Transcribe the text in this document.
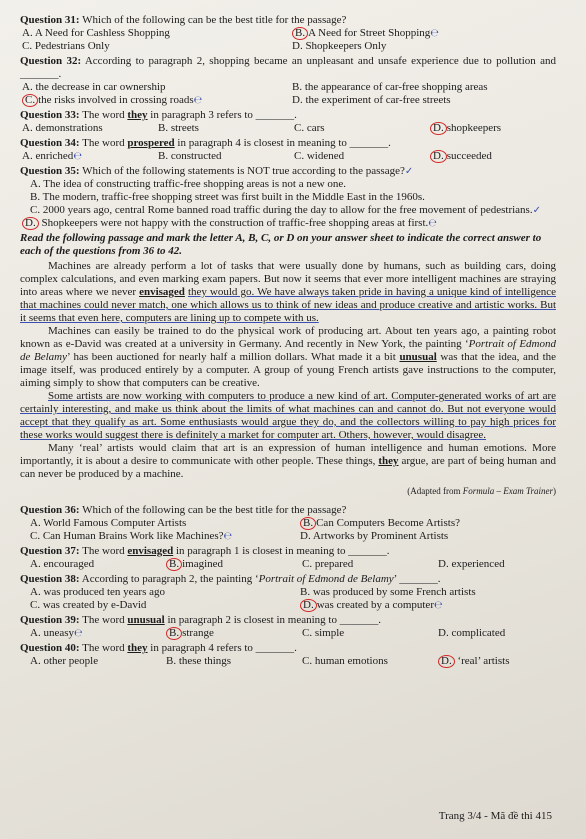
Question 31: Which of the following can be the best title for the passage?
A. A Need for Cashless Shopping	B. A Need for Street Shopping℮
C. Pedestrians Only	D. Shopkeepers Only
Question 32: According to paragraph 2, shopping became an unpleasant and unsafe experience due to pollution and _______.
A. the decrease in car ownership	B. the appearance of car-free shopping areas
C. the risks involved in crossing roads℮	D. the experiment of car-free streets
Question 33: The word they in paragraph 3 refers to _______.
A. demonstrations	B. streets	C. cars	D. shopkeepers
Question 34: The word prospered in paragraph 4 is closest in meaning to _______.
A. enriched℮	B. constructed	C. widened	D. succeeded
Question 35: Which of the following statements is NOT true according to the passage?✓
A. The idea of constructing traffic-free shopping areas is not a new one.
B. The modern, traffic-free shopping street was first built in the Middle East in the 1960s.
C. 2000 years ago, central Rome banned road traffic during the day to allow for the free movement of pedestrians.✓
D. Shopkeepers were not happy with the construction of traffic-free shopping areas at first.℮
Read the following passage and mark the letter A, B, C, or D on your answer sheet to indicate the correct answer to each of the questions from 36 to 42.

Machines are already perform a lot of tasks that were usually done by humans, such as building cars, doing complex calculations, and even marking exam papers. But now it seems that ever more intelligent machines are straying into areas where we never envisaged they would go. We have always taken pride in having a unique kind of intelligence that machines could never match, one which allows us to think of new ideas and produce creative and artistic works. But it seems that even here, computers are lining up to compete with us.

Machines can easily be trained to do the physical work of producing art. About ten years ago, a painting robot known as e-David was created at a university in Germany. And recently in New York, the painting ‘Portrait of Edmond de Belamy’ has been auctioned for nearly half a million dollars. What made it a bit unusual was that the idea, and the image itself, was produced entirely by a computer. A group of young French artists gave instructions to the computer, aiming simply to show that computers can be creative.

Some artists are now working with computers to produce a new kind of art. Computer-generated works of art are certainly interesting, and make us think about the limits of what machines can and cannot do. But not everyone would accept that they qualify as art. Some enthusiasts would argue they do, and the collectors willing to pay high prices for these works would suggest there is definitely a market for computer art. Others, however, would disagree.

Many ‘real’ artists would claim that art is an expression of human intelligence and human emotions. More importantly, it is about a desire to communicate with other people. These things, they argue, are part of being human and can never be produced by a machine.

(Adapted from Formula – Exam Trainer)
Question 36: Which of the following can be the best title for the passage?
A. World Famous Computer Artists	B. Can Computers Become Artists?
C. Can Human Brains Work like Machines?℮	D. Artworks by Prominent Artists
Question 37: The word envisaged in paragraph 1 is closest in meaning to _______.
A. encouraged	B. imagined	C. prepared	D. experienced
Question 38: According to paragraph 2, the painting ‘Portrait of Edmond de Belamy’ _______.
A. was produced ten years ago	B. was produced by some French artists
C. was created by e-David	D. was created by a computer℮
Question 39: The word unusual in paragraph 2 is closest in meaning to _______.
A. uneasy℮	B. strange	C. simple	D. complicated
Question 40: The word they in paragraph 4 refers to _______.
A. other people	B. these things	C. human emotions	D. ‘real’ artists
Trang 3/4 - Mã đề thi 415
